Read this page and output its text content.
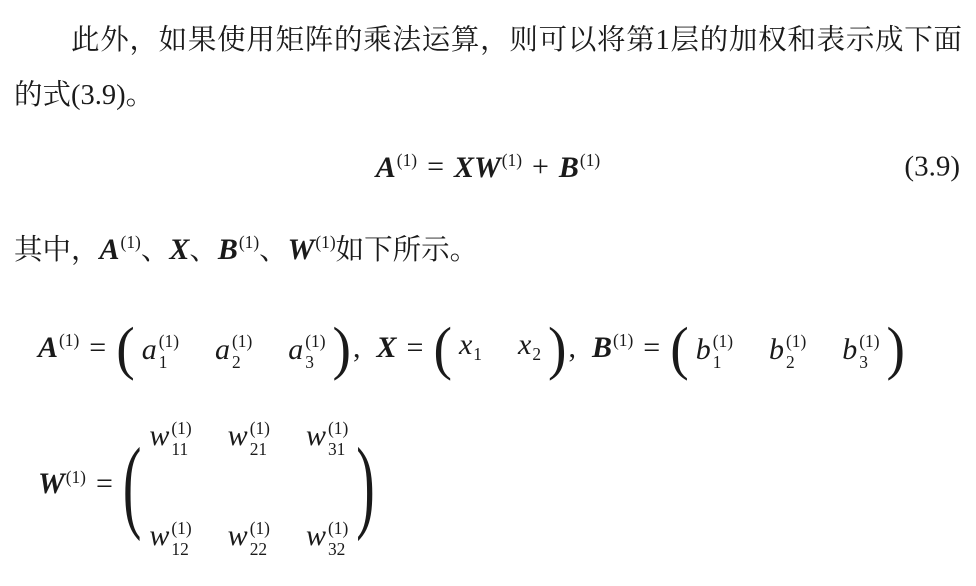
此外，如果使用矩阵的乘法运算，则可以将第1层的加权和表示成下面的式(3.9)。

$A^{(1)} = XW^{(1)} + B^{(1)}$	(3.9)

其中，$A^{(1)}$、X、$B^{(1)}$、$W^{(1)}$如下所示。

$A^{(1)}$ = ( a (1)
1 a (1)
2 a (1)
3 ) , X = ( $x_1$ $x_2$ ) , $B^{(1)}$ = ( b (1)
1 b (1)
2 b (1)
3 )
$W^{(1)}$ = ( w (1)
11 w (1)
21 w (1)
31
w (1)
12 w (1)
22 w (1)
32
)
